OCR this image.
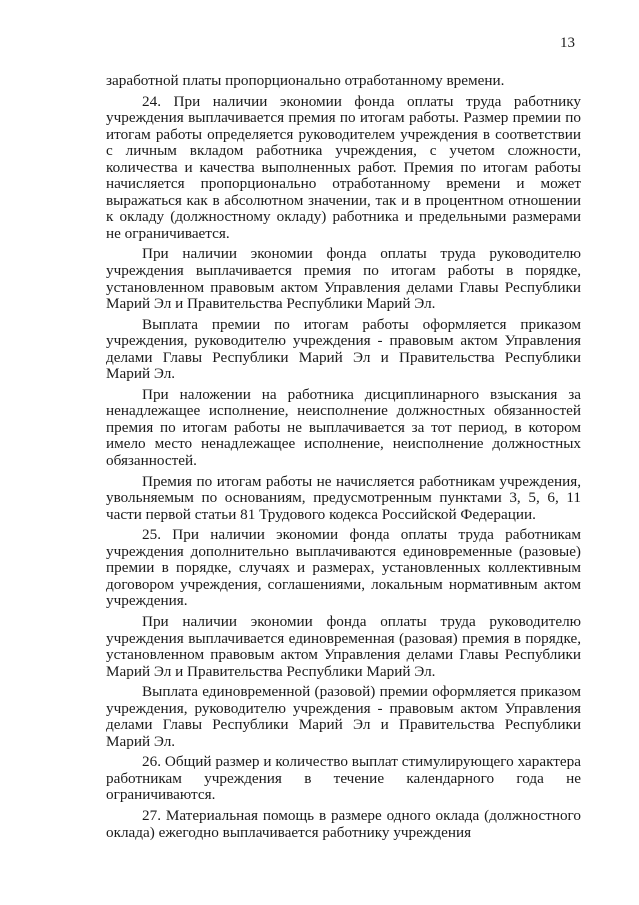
13

заработной платы пропорционально отработанному времени.

24. При наличии экономии фонда оплаты труда работнику учреждения выплачивается премия по итогам работы. Размер премии по итогам работы определяется руководителем учреждения в соответствии с личным вкладом работника учреждения, с учетом сложности, количества и качества выполненных работ. Премия по итогам работы начисляется пропорционально отработанному времени и может выражаться как в абсолютном значении, так и в процентном отношении к окладу (должностному окладу) работника и предельными размерами не ограничивается.

При наличии экономии фонда оплаты труда руководителю учреждения выплачивается премия по итогам работы в порядке, установленном правовым актом Управления делами Главы Республики Марий Эл и Правительства Республики Марий Эл.

Выплата премии по итогам работы оформляется приказом учреждения, руководителю учреждения - правовым актом Управления делами Главы Республики Марий Эл и Правительства Республики Марий Эл.

При наложении на работника дисциплинарного взыскания за ненадлежащее исполнение, неисполнение должностных обязанностей премия по итогам работы не выплачивается за тот период, в котором имело место ненадлежащее исполнение, неисполнение должностных обязанностей.

Премия по итогам работы не начисляется работникам учреждения, увольняемым по основаниям, предусмотренным пунктами 3, 5, 6, 11 части первой статьи 81 Трудового кодекса Российской Федерации.

25. При наличии экономии фонда оплаты труда работникам учреждения дополнительно выплачиваются единовременные (разовые) премии в порядке, случаях и размерах, установленных коллективным договором учреждения, соглашениями, локальным нормативным актом учреждения.

При наличии экономии фонда оплаты труда руководителю учреждения выплачивается единовременная (разовая) премия в порядке, установленном правовым актом Управления делами Главы Республики Марий Эл и Правительства Республики Марий Эл.

Выплата единовременной (разовой) премии оформляется приказом учреждения, руководителю учреждения - правовым актом Управления делами Главы Республики Марий Эл и Правительства Республики Марий Эл.

26. Общий размер и количество выплат стимулирующего характера работникам учреждения в течение календарного года не ограничиваются.

27. Материальная помощь в размере одного оклада (должностного оклада) ежегодно выплачивается работнику учреждения
